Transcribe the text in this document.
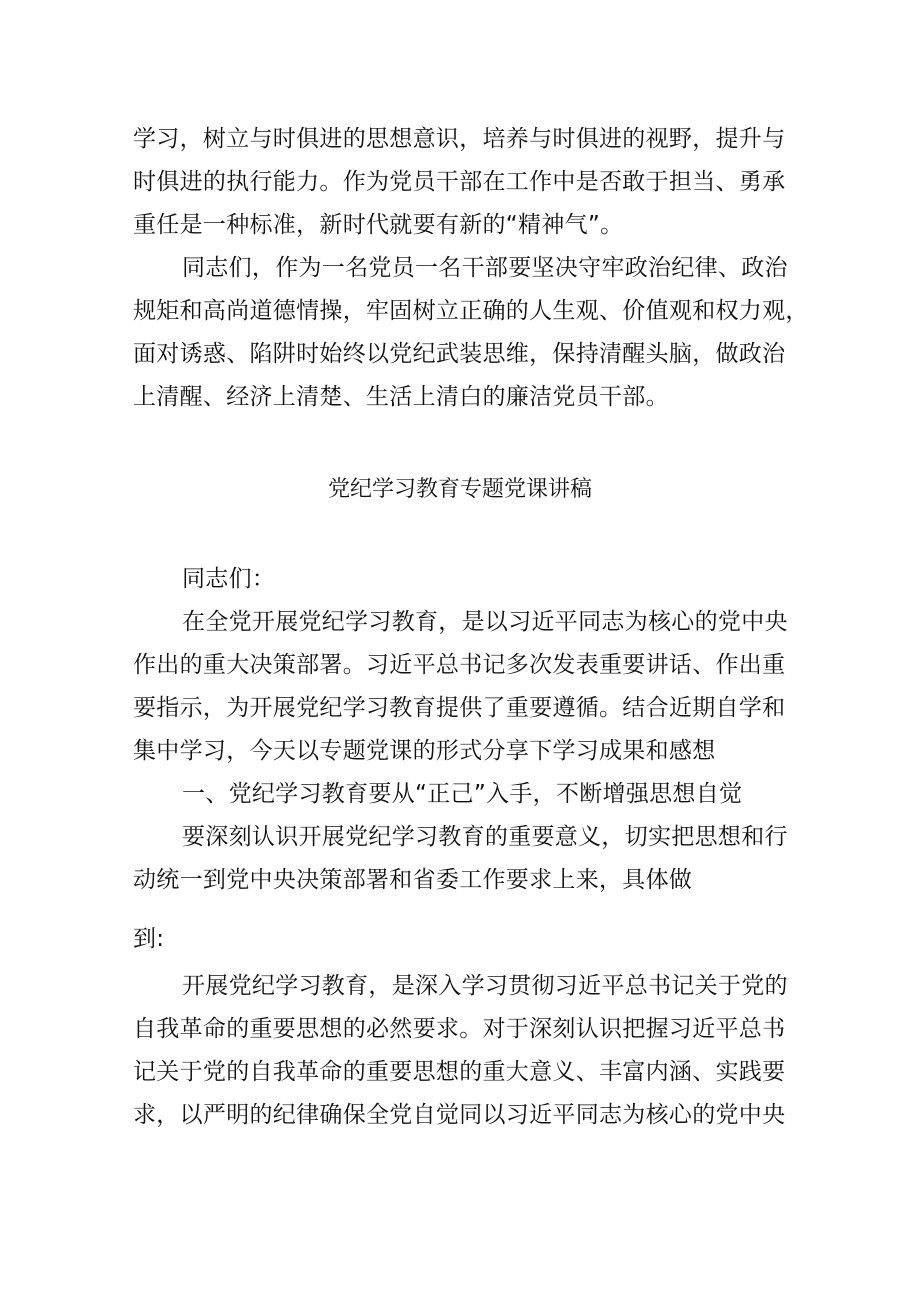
学习，树立与时俱进的思想意识，培养与时俱进的视野，提升与
时俱进的执行能力。作为党员干部在工作中是否敢于担当、勇承
重任是一种标准，新时代就要有新的“精神气”。
同志们，作为一名党员一名干部要坚决守牢政治纪律、政治
规矩和高尚道德情操，牢固树立正确的人生观、价值观和权力观，
面对诱惑、陷阱时始终以党纪武装思维，保持清醒头脑，做政治
上清醒、经济上清楚、生活上清白的廉洁党员干部。
党纪学习教育专题党课讲稿
同志们：
在全党开展党纪学习教育，是以习近平同志为核心的党中央
作出的重大决策部署。习近平总书记多次发表重要讲话、作出重
要指示，为开展党纪学习教育提供了重要遵循。结合近期自学和
集中学习，今天以专题党课的形式分享下学习成果和感想
一、党纪学习教育要从“正己”入手，不断增强思想自觉
要深刻认识开展党纪学习教育的重要意义，切实把思想和行
动统一到党中央决策部署和省委工作要求上来，具体做
到:
开展党纪学习教育，是深入学习贯彻习近平总书记关于党的
自我革命的重要思想的必然要求。对于深刻认识把握习近平总书
记关于党的自我革命的重要思想的重大意义、丰富内涵、实践要
求，以严明的纪律确保全党自觉同以习近平同志为核心的党中央
